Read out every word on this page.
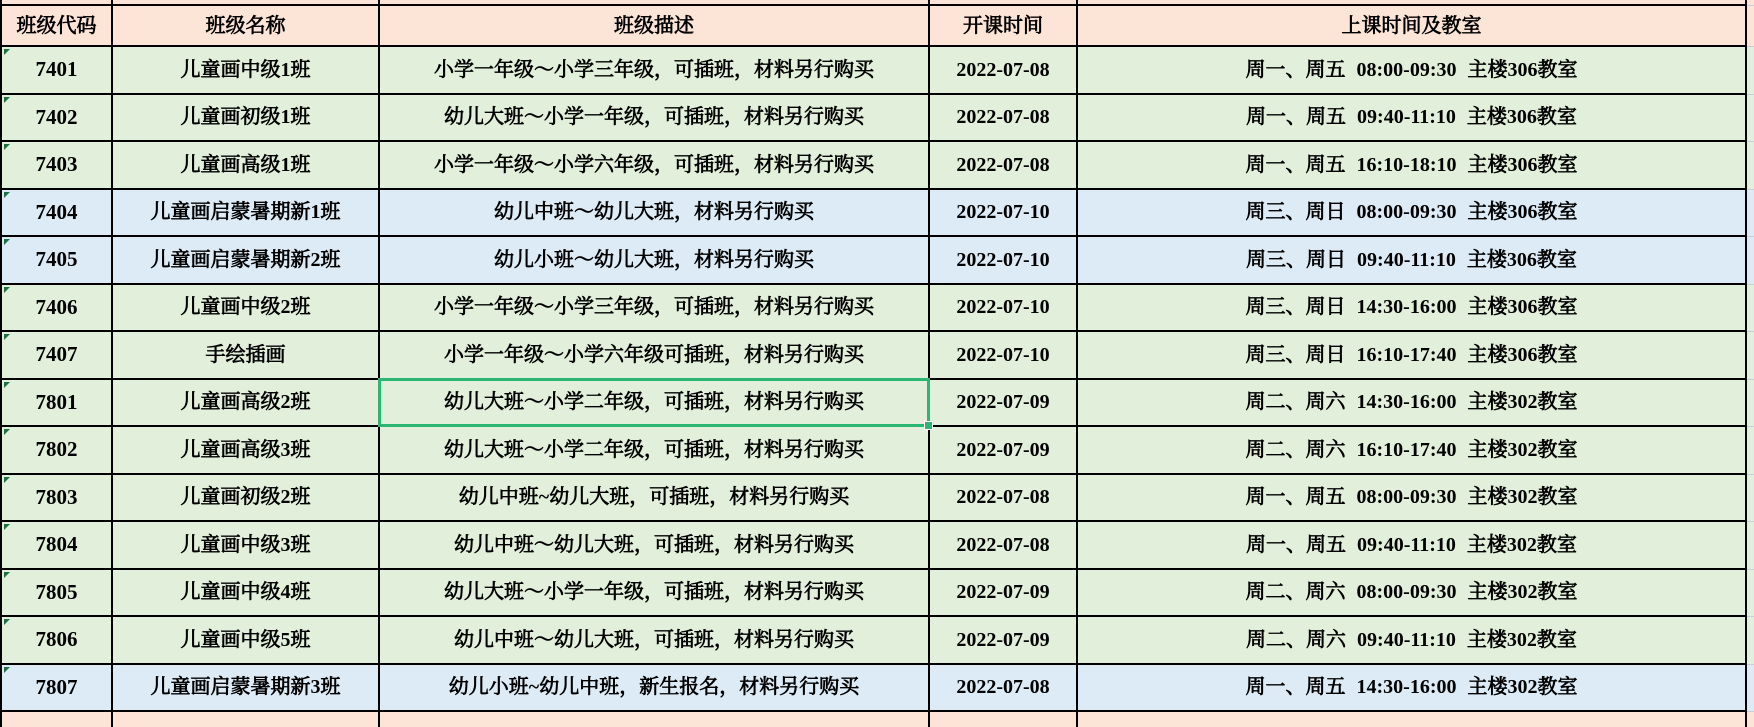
班级代码	班级名称	班级描述	开课时间	上课时间及教室
7401	儿童画中级1班	小学一年级～小学三年级，可插班，材料另行购买	2022-07-08	周一、周五 08:00-09:30 主楼306教室
7402	儿童画初级1班	幼儿大班～小学一年级，可插班，材料另行购买	2022-07-08	周一、周五 09:40-11:10 主楼306教室
7403	儿童画高级1班	小学一年级～小学六年级，可插班，材料另行购买	2022-07-08	周一、周五 16:10-18:10 主楼306教室
7404	儿童画启蒙暑期新1班	幼儿中班～幼儿大班，材料另行购买	2022-07-10	周三、周日 08:00-09:30 主楼306教室
7405	儿童画启蒙暑期新2班	幼儿小班～幼儿大班，材料另行购买	2022-07-10	周三、周日 09:40-11:10 主楼306教室
7406	儿童画中级2班	小学一年级～小学三年级，可插班，材料另行购买	2022-07-10	周三、周日 14:30-16:00 主楼306教室
7407	手绘插画	小学一年级～小学六年级可插班，材料另行购买	2022-07-10	周三、周日 16:10-17:40 主楼306教室
7801	儿童画高级2班	幼儿大班～小学二年级，可插班，材料另行购买	2022-07-09	周二、周六 14:30-16:00 主楼302教室
7802	儿童画高级3班	幼儿大班～小学二年级，可插班，材料另行购买	2022-07-09	周二、周六 16:10-17:40 主楼302教室
7803	儿童画初级2班	幼儿中班~幼儿大班，可插班，材料另行购买	2022-07-08	周一、周五 08:00-09:30 主楼302教室
7804	儿童画中级3班	幼儿中班～幼儿大班，可插班，材料另行购买	2022-07-08	周一、周五 09:40-11:10 主楼302教室
7805	儿童画中级4班	幼儿大班～小学一年级，可插班，材料另行购买	2022-07-09	周二、周六 08:00-09:30 主楼302教室
7806	儿童画中级5班	幼儿中班～幼儿大班，可插班，材料另行购买	2022-07-09	周二、周六 09:40-11:10 主楼302教室
7807	儿童画启蒙暑期新3班	幼儿小班~幼儿中班，新生报名，材料另行购买	2022-07-08	周一、周五 14:30-16:00 主楼302教室
